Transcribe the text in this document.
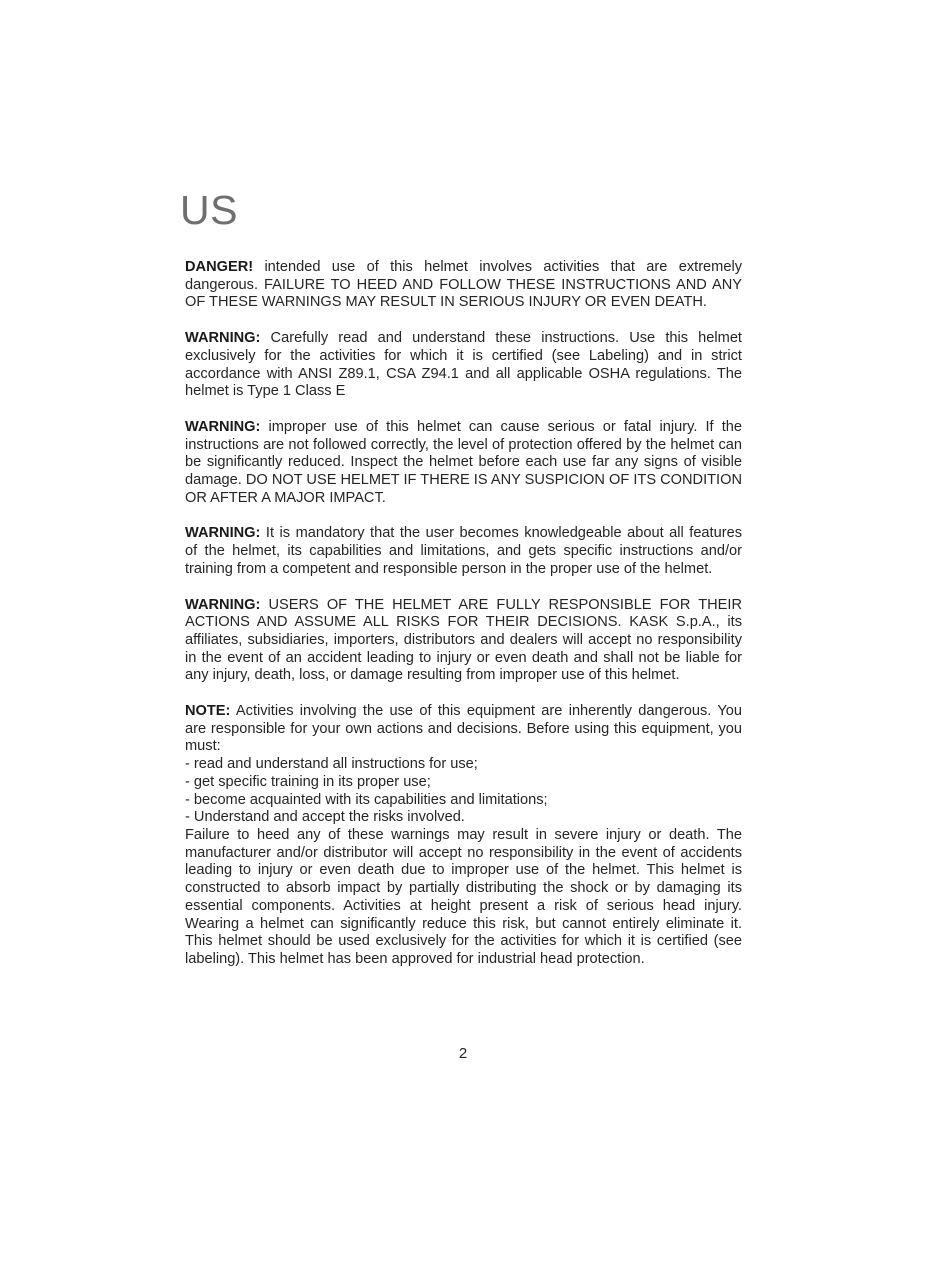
US

DANGER! intended use of this helmet involves activities that are extremely dangerous. FAILURE TO HEED AND FOLLOW THESE INSTRUCTIONS AND ANY OF THESE WARNINGS MAY RESULT IN SERIOUS INJURY OR EVEN DEATH.

WARNING: Carefully read and understand these instructions. Use this helmet exclusively for the activities for which it is certified (see Labeling) and in strict accordance with ANSI Z89.1, CSA Z94.1 and all applicable OSHA regulations. The helmet is Type 1 Class E

WARNING: improper use of this helmet can cause serious or fatal injury. If the instructions are not followed correctly, the level of protection offered by the helmet can be significantly reduced. Inspect the helmet before each use far any signs of visible damage. DO NOT USE HELMET IF THERE IS ANY SUSPICION OF ITS CONDITION OR AFTER A MAJOR IMPACT.

WARNING: It is mandatory that the user becomes knowledgeable about all features of the helmet, its capabilities and limitations, and gets specific instructions and/or training from a competent and responsible person in the proper use of the helmet.

WARNING: USERS OF THE HELMET ARE FULLY RESPONSIBLE FOR THEIR ACTIONS AND ASSUME ALL RISKS FOR THEIR DECISIONS. KASK S.p.A., its affiliates, subsidiaries, importers, distributors and dealers will accept no responsibility in the event of an accident leading to injury or even death and shall not be liable for any injury, death, loss, or damage resulting from improper use of this helmet.

NOTE: Activities involving the use of this equipment are inherently dangerous. You are responsible for your own actions and decisions. Before using this equipment, you must:

- read and understand all instructions for use;
- get specific training in its proper use;
- become acquainted with its capabilities and limitations;
- Understand and accept the risks involved.

Failure to heed any of these warnings may result in severe injury or death. The manufacturer and/or distributor will accept no responsibility in the event of accidents leading to injury or even death due to improper use of the helmet. This helmet is constructed to absorb impact by partially distributing the shock or by damaging its essential components. Activities at height present a risk of serious head injury. Wearing a helmet can significantly reduce this risk, but cannot entirely eliminate it. This helmet should be used exclusively for the activities for which it is certified (see labeling). This helmet has been approved for industrial head protection.

2
